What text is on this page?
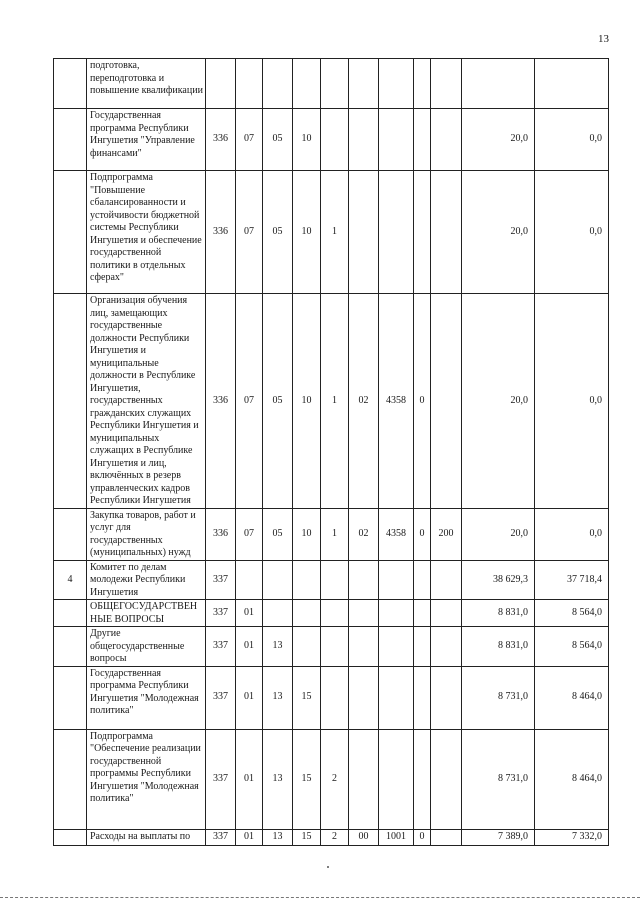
13
	подготовка, переподготовка и повышение квалификации											
	Государственная программа Республики Ингушетия "Управление финансами"	336	07	05	10						20,0	0,0
	Подпрограмма "Повышение сбалансированности и устойчивости бюджетной системы Республики Ингушетия и обеспечение государственной политики в отдельных сферах"	336	07	05	10	1					20,0	0,0
	Организация обучения лиц, замещающих государственные должности Республики Ингушетия и муниципальные должности в Республике Ингушетия, государственных гражданских служащих Республики Ингушетия и муниципальных служащих в Республике Ингушетия и лиц, включённых в резерв управленческих кадров Республики Ингушетия	336	07	05	10	1	02	4358	0		20,0	0,0
	Закупка товаров, работ и услуг для государственных (муниципальных) нужд	336	07	05	10	1	02	4358	0	200	20,0	0,0
4	Комитет по делам молодежи Республики Ингушетия	337									38 629,3	37 718,4
	ОБЩЕГОСУДАРСТВЕННЫЕ ВОПРОСЫ	337	01								8 831,0	8 564,0
	Другие общегосударственные вопросы	337	01	13							8 831,0	8 564,0
	Государственная программа Республики Ингушетия "Молодежная политика"	337	01	13	15						8 731,0	8 464,0
	Подпрограмма "Обеспечение реализации государственной программы Республики Ингушетия "Молодежная политика"	337	01	13	15	2					8 731,0	8 464,0
	Расходы на выплаты по	337	01	13	15	2	00	1001	0		7 389,0	7 332,0
